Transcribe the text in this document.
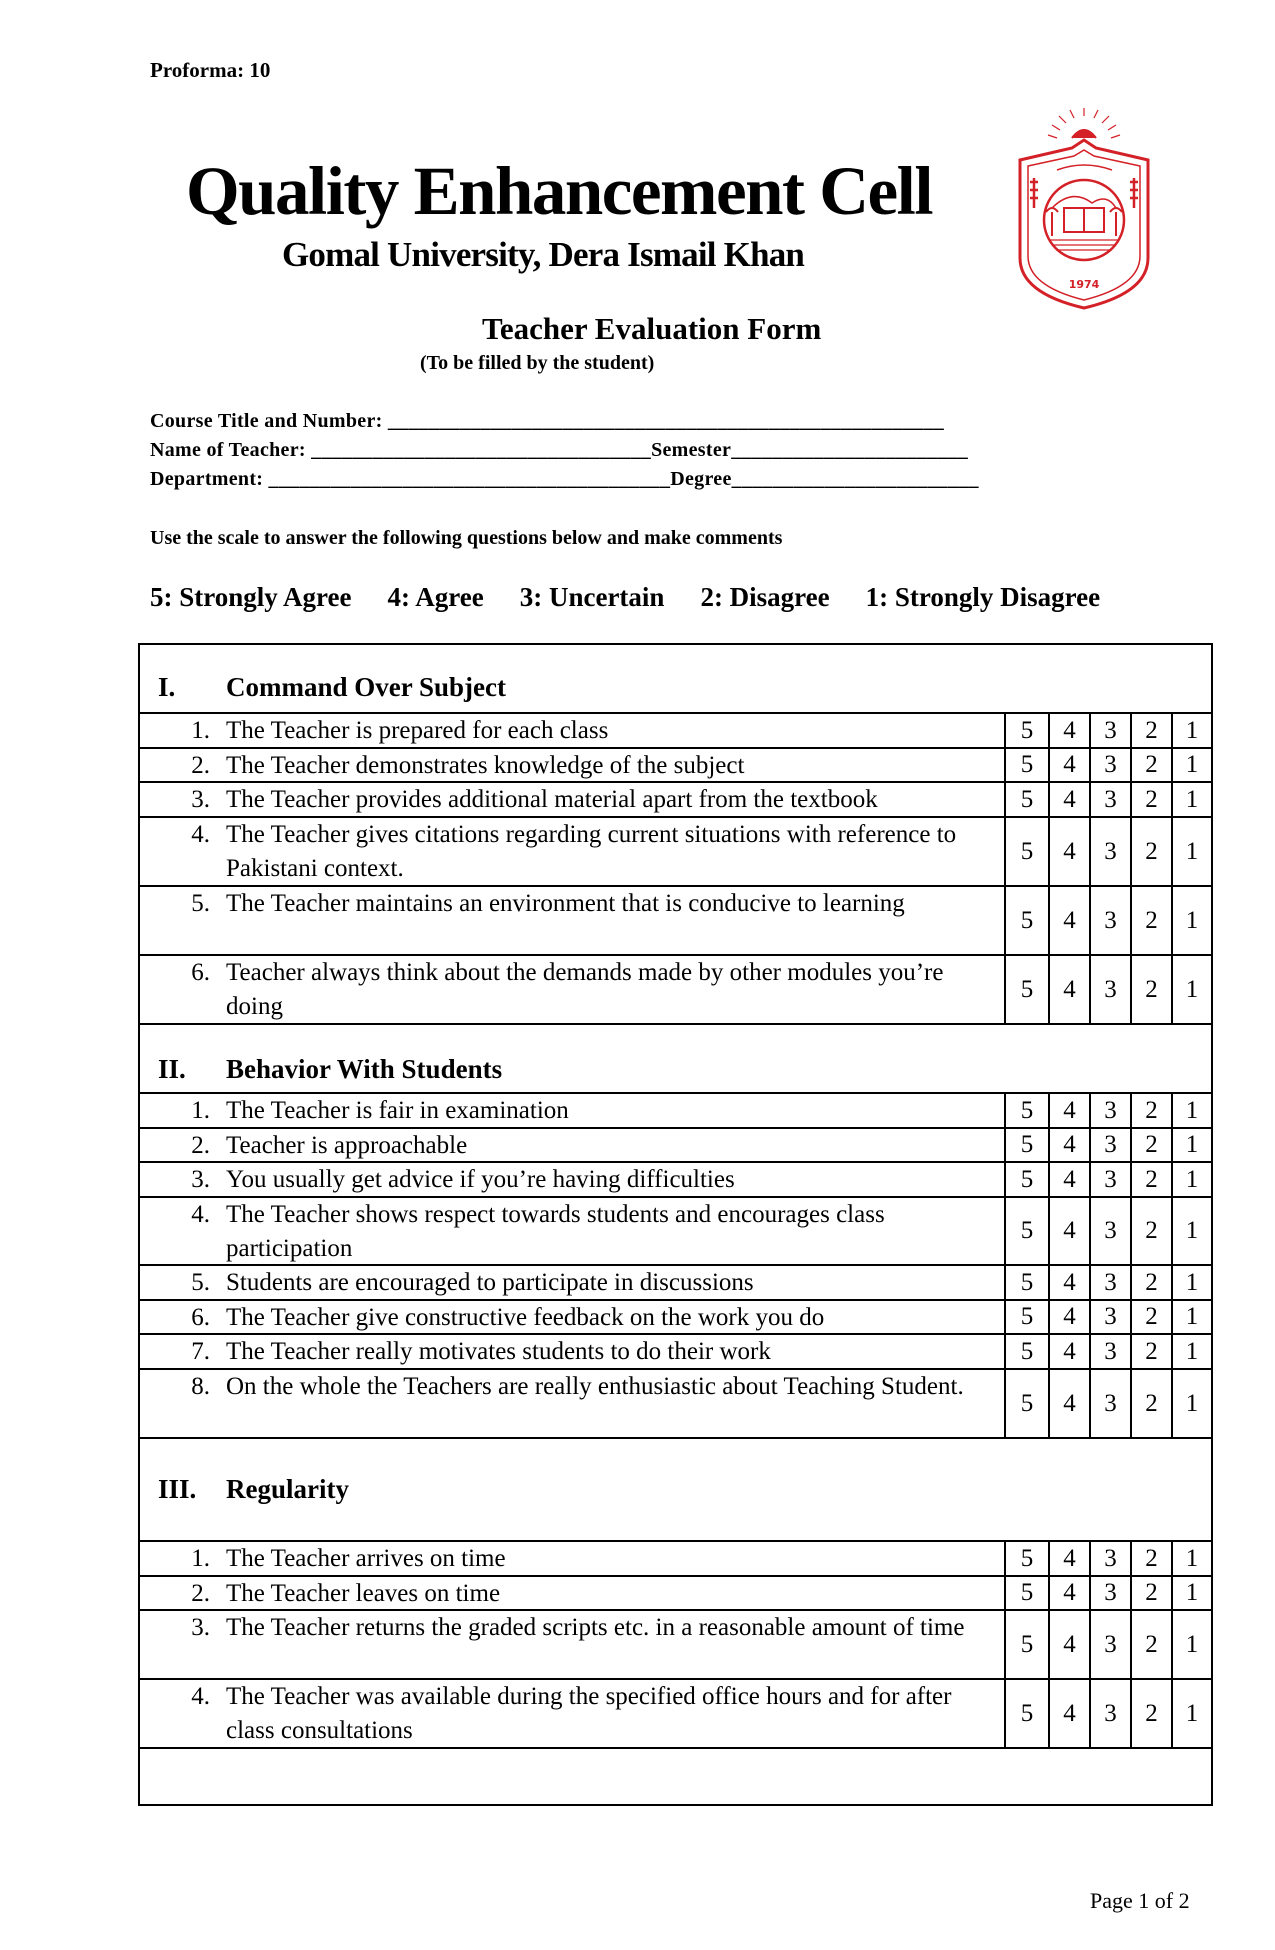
Proforma: 10
Quality Enhancement Cell
Gomal University, Dera Ismail Khan
1974
Teacher Evaluation Form
(To be filled by the student)
Course Title and Number: ______________________________________________________
Name of Teacher: _________________________________Semester_______________________
Department: _______________________________________Degree________________________
Use the scale to answer the following questions below and make comments
5: Strongly Agree 4: Agree 3: Uncertain 2: Disagree 1: Strongly Disagree
I. Command Over Subject
1. The Teacher is prepared for each class	5	4	3	2	1
2. The Teacher demonstrates knowledge of the subject	5	4	3	2	1
3. The Teacher provides additional material apart from the textbook	5	4	3	2	1
4. The Teacher gives citations regarding current situations with reference to Pakistani context.
5	4	3	2	1
5. The Teacher maintains an environment that is conducive to learning
5	4	3	2	1
6. Teacher always think about the demands made by other modules you’re doing
5	4	3	2	1
II. Behavior With Students
1. The Teacher is fair in examination	5	4	3	2	1
2. Teacher is approachable	5	4	3	2	1
3. You usually get advice if you’re having difficulties	5	4	3	2	1
4. The Teacher shows respect towards students and encourages class participation
5	4	3	2	1
5. Students are encouraged to participate in discussions	5	4	3	2	1
6. The Teacher give constructive feedback on the work you do	5	4	3	2	1
7. The Teacher really motivates students to do their work	5	4	3	2	1
8. On the whole the Teachers are really enthusiastic about Teaching Student.
5	4	3	2	1
III. Regularity
1. The Teacher arrives on time	5	4	3	2	1
2. The Teacher leaves on time	5	4	3	2	1
3. The Teacher returns the graded scripts etc. in a reasonable amount of time
5	4	3	2	1
4. The Teacher was available during the specified office hours and for after class consultations
5	4	3	2	1
Page 1 of 2
